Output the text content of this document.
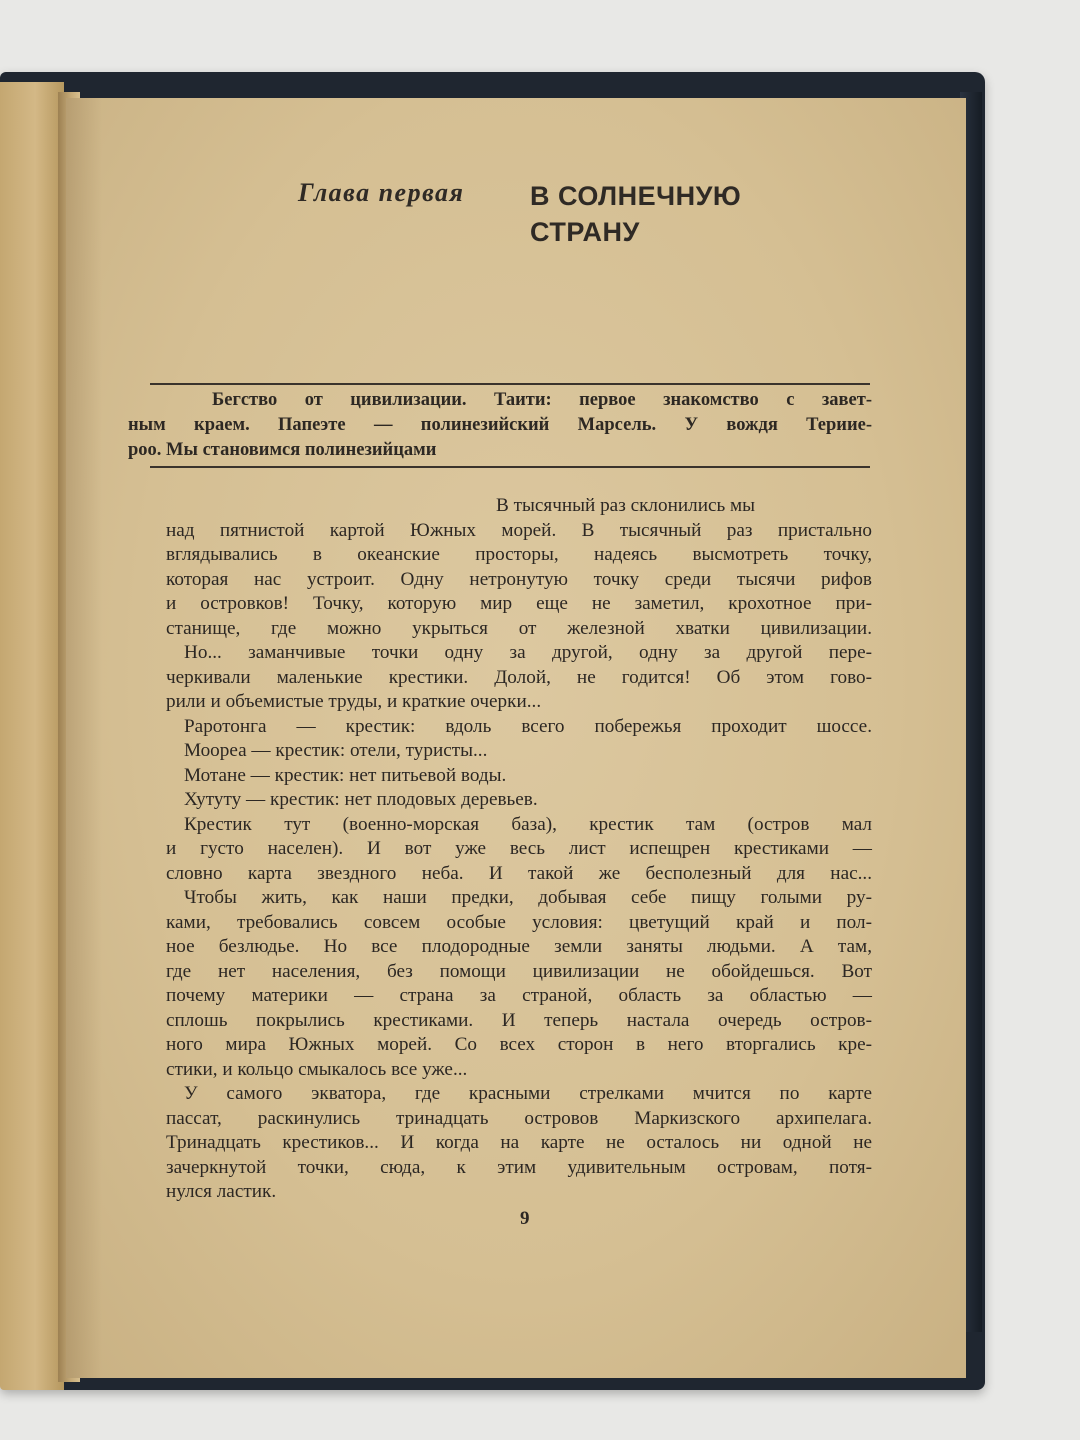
Глава первая В СОЛНЕЧНУЮ
СТРАНУ
Бегство от цивилизации. Таити: первое знакомство с завет-
ным краем. Папеэте — полинезийский Марсель. У вождя Териие-
роо. Мы становимся полинезийцами
В тысячный раз склонились мы
над пятнистой картой Южных морей. В тысячный раз пристально
вглядывались в океанские просторы, надеясь высмотреть точку,
которая нас устроит. Одну нетронутую точку среди тысячи рифов
и островков! Точку, которую мир еще не заметил, крохотное при-
станище, где можно укрыться от железной хватки цивилизации.
Но... заманчивые точки одну за другой, одну за другой пере-
черкивали маленькие крестики. Долой, не годится! Об этом гово-
рили и объемистые труды, и краткие очерки...
Раротонга — крестик: вдоль всего побережья проходит шоссе.
Моореа — крестик: отели, туристы...
Мотане — крестик: нет питьевой воды.
Хутуту — крестик: нет плодовых деревьев.
Крестик тут (военно-морская база), крестик там (остров мал
и густо населен). И вот уже весь лист испещрен крестиками —
словно карта звездного неба. И такой же бесполезный для нас...
Чтобы жить, как наши предки, добывая себе пищу голыми ру-
ками, требовались совсем особые условия: цветущий край и пол-
ное безлюдье. Но все плодородные земли заняты людьми. А там,
где нет населения, без помощи цивилизации не обойдешься. Вот
почему материки — страна за страной, область за областью —
сплошь покрылись крестиками. И теперь настала очередь остров-
ного мира Южных морей. Со всех сторон в него вторгались кре-
стики, и кольцо смыкалось все уже...
У самого экватора, где красными стрелками мчится по карте
пассат, раскинулись тринадцать островов Маркизского архипелага.
Тринадцать крестиков... И когда на карте не осталось ни одной не
зачеркнутой точки, сюда, к этим удивительным островам, потя-
нулся ластик.
9
